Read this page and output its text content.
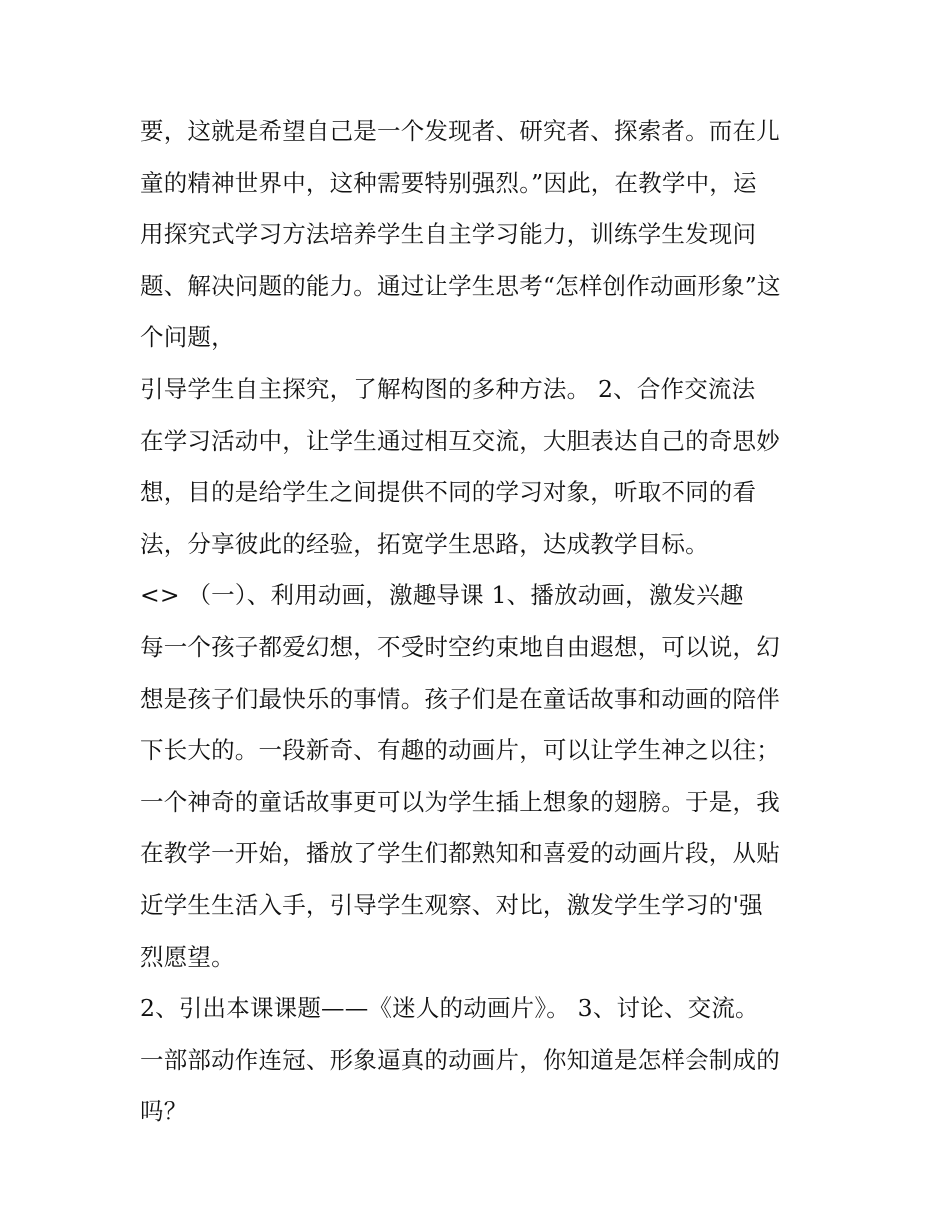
要，这就是希望自己是一个发现者、研究者、探索者。而在儿
童的精神世界中，这种需要特别强烈。”因此，在教学中，运
用探究式学习方法培养学生自主学习能力，训练学生发现问
题、解决问题的能力。通过让学生思考“怎样创作动画形象”这
个问题，
引导学生自主探究，了解构图的多种方法。 2、合作交流法
在学习活动中，让学生通过相互交流，大胆表达自己的奇思妙
想，目的是给学生之间提供不同的学习对象，听取不同的看
法，分享彼此的经验，拓宽学生思路，达成教学目标。
<> （一）、利用动画，激趣导课 1、播放动画，激发兴趣
每一个孩子都爱幻想，不受时空约束地自由遐想，可以说，幻
想是孩子们最快乐的事情。孩子们是在童话故事和动画的陪伴
下长大的。一段新奇、有趣的动画片，可以让学生神之以往；
一个神奇的童话故事更可以为学生插上想象的翅膀。于是，我
在教学一开始，播放了学生们都熟知和喜爱的动画片段，从贴
近学生生活入手，引导学生观察、对比，激发学生学习的'强
烈愿望。
2、引出本课课题——《迷人的动画片》。 3、讨论、交流。
一部部动作连冠、形象逼真的动画片，你知道是怎样会制成的
吗？
